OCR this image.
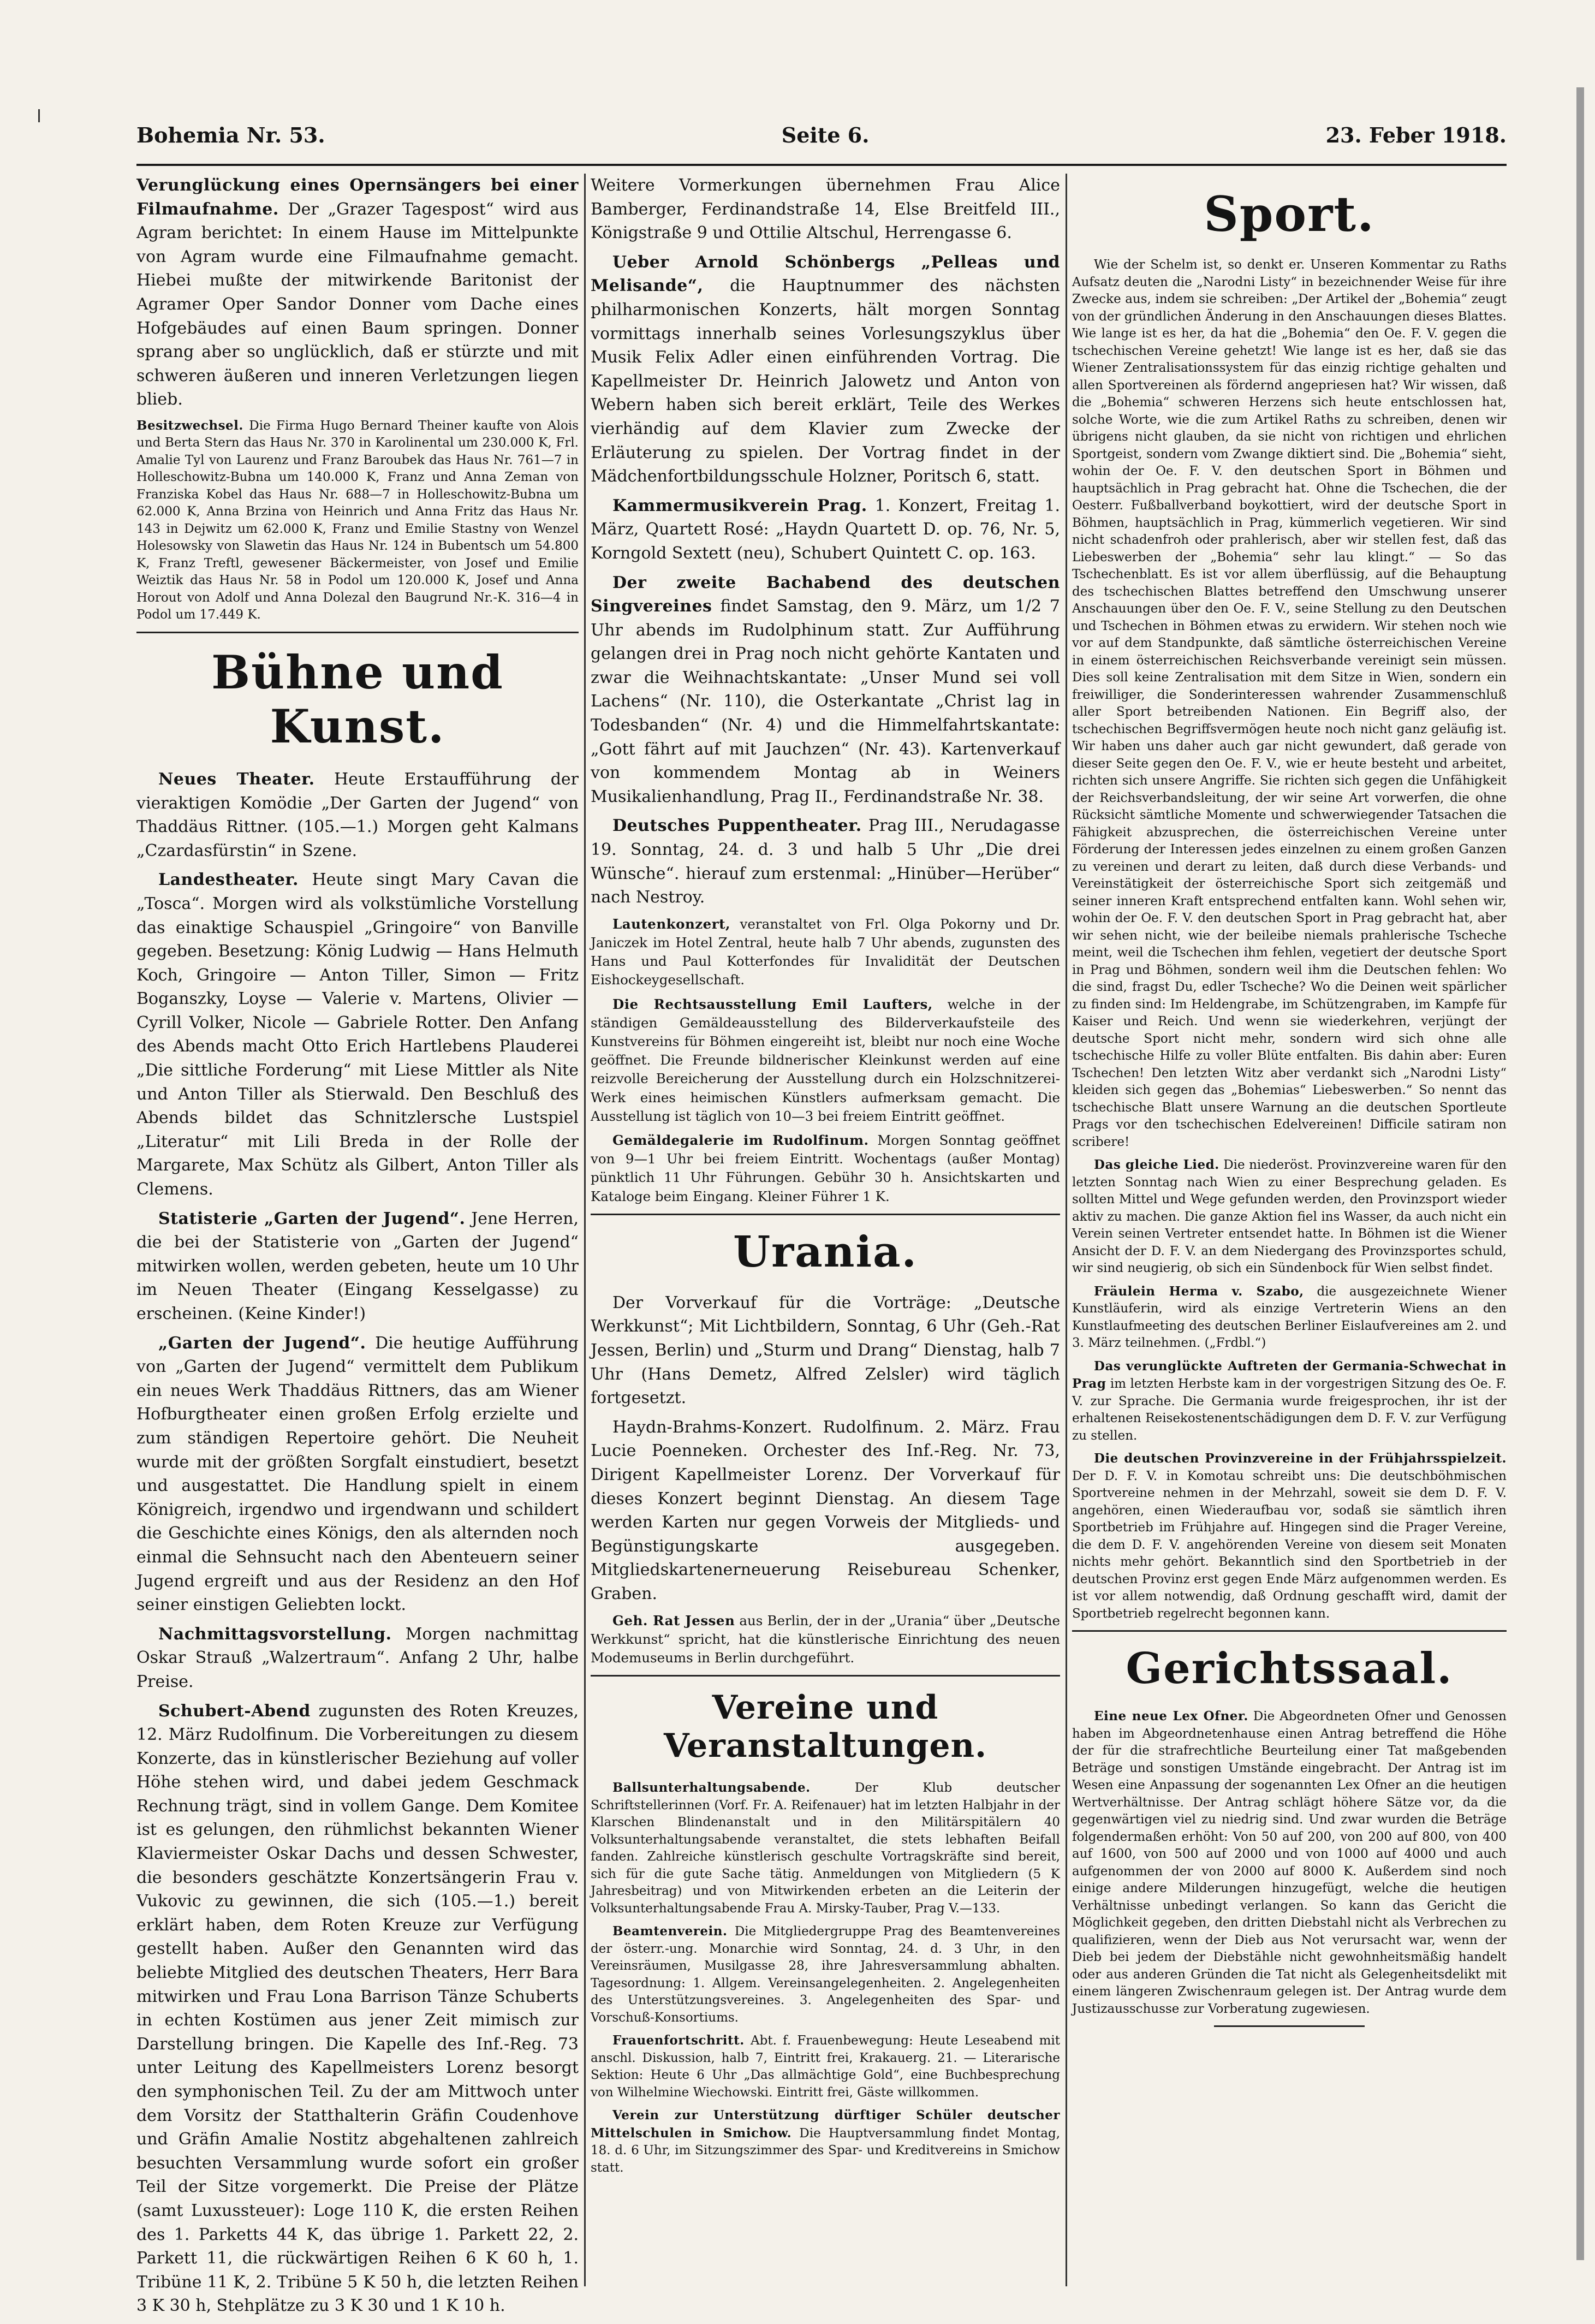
Bohemia Nr. 53.	Seite 6.	23. Feber 1918.

Verunglückung eines Opernsängers bei einer Filmaufnahme. Der „Grazer Tagespost“ wird aus Agram berichtet: In einem Hause im Mittelpunkte von Agram wurde eine Filmaufnahme gemacht. Hiebei mußte der mitwirkende Baritonist der Agramer Oper Sandor Donner vom Dache eines Hofgebäudes auf einen Baum springen. Donner sprang aber so unglücklich, daß er stürzte und mit schweren äußeren und inneren Verletzungen liegen blieb.

Besitzwechsel. Die Firma Hugo Bernard Theiner kaufte von Alois und Berta Stern das Haus Nr. 370 in Karolinental um 230.000 K, Frl. Amalie Tyl von Laurenz und Franz Baroubek das Haus Nr. 761—7 in Holleschowitz-Bubna um 140.000 K, Franz und Anna Zeman von Franziska Kobel das Haus Nr. 688—7 in Holleschowitz-Bubna um 62.000 K, Anna Brzina von Heinrich und Anna Fritz das Haus Nr. 143 in Dejwitz um 62.000 K, Franz und Emilie Stastny von Wenzel Holesowsky von Slawetin das Haus Nr. 124 in Bubentsch um 54.800 K, Franz Treftl, gewesener Bäckermeister, von Josef und Emilie Weiztik das Haus Nr. 58 in Podol um 120.000 K, Josef und Anna Horout von Adolf und Anna Dolezal den Baugrund Nr.-K. 316—4 in Podol um 17.449 K.

Bühne und Kunst.

Neues Theater. Heute Erstaufführung der vieraktigen Komödie „Der Garten der Jugend“ von Thaddäus Rittner. (105.—1.) Morgen geht Kalmans „Czardasfürstin“ in Szene.

Landestheater. Heute singt Mary Cavan die „Tosca“. Morgen wird als volkstümliche Vorstellung das einaktige Schauspiel „Gringoire“ von Banville gegeben. Besetzung: König Ludwig — Hans Helmuth Koch, Gringoire — Anton Tiller, Simon — Fritz Boganszky, Loyse — Valerie v. Martens, Olivier — Cyrill Volker, Nicole — Gabriele Rotter. Den Anfang des Abends macht Otto Erich Hartlebens Plauderei „Die sittliche Forderung“ mit Liese Mittler als Nite und Anton Tiller als Stierwald. Den Beschluß des Abends bildet das Schnitzlersche Lustspiel „Literatur“ mit Lili Breda in der Rolle der Margarete, Max Schütz als Gilbert, Anton Tiller als Clemens.

Statisterie „Garten der Jugend“. Jene Herren, die bei der Statisterie von „Garten der Jugend“ mitwirken wollen, werden gebeten, heute um 10 Uhr im Neuen Theater (Eingang Kesselgasse) zu erscheinen. (Keine Kinder!)

„Garten der Jugend“. Die heutige Aufführung von „Garten der Jugend“ vermittelt dem Publikum ein neues Werk Thaddäus Rittners, das am Wiener Hofburgtheater einen großen Erfolg erzielte und zum ständigen Repertoire gehört. Die Neuheit wurde mit der größten Sorgfalt einstudiert, besetzt und ausgestattet. Die Handlung spielt in einem Königreich, irgendwo und irgendwann und schildert die Geschichte eines Königs, den als alternden noch einmal die Sehnsucht nach den Abenteuern seiner Jugend ergreift und aus der Residenz an den Hof seiner einstigen Geliebten lockt.

Nachmittagsvorstellung. Morgen nachmittag Oskar Strauß „Walzertraum“. Anfang 2 Uhr, halbe Preise.

Schubert-Abend zugunsten des Roten Kreuzes, 12. März Rudolfinum. Die Vorbereitungen zu diesem Konzerte, das in künstlerischer Beziehung auf voller Höhe stehen wird, und dabei jedem Geschmack Rechnung trägt, sind in vollem Gange. Dem Komitee ist es gelungen, den rühmlichst bekannten Wiener Klaviermeister Oskar Dachs und dessen Schwester, die besonders geschätzte Konzertsängerin Frau v. Vukovic zu gewinnen, die sich (105.—1.) bereit erklärt haben, dem Roten Kreuze zur Verfügung gestellt haben. Außer den Genannten wird das beliebte Mitglied des deutschen Theaters, Herr Bara mitwirken und Frau Lona Barrison Tänze Schuberts in echten Kostümen aus jener Zeit mimisch zur Darstellung bringen. Die Kapelle des Inf.-Reg. 73 unter Leitung des Kapellmeisters Lorenz besorgt den symphonischen Teil. Zu der am Mittwoch unter dem Vorsitz der Statthalterin Gräfin Coudenhove und Gräfin Amalie Nostitz abgehaltenen zahlreich besuchten Versammlung wurde sofort ein großer Teil der Sitze vorgemerkt. Die Preise der Plätze (samt Luxussteuer): Loge 110 K, die ersten Reihen des 1. Parketts 44 K, das übrige 1. Parkett 22, 2. Parkett 11, die rückwärtigen Reihen 6 K 60 h, 1. Tribüne 11 K, 2. Tribüne 5 K 50 h, die letzten Reihen 3 K 30 h, Stehplätze zu 3 K 30 und 1 K 10 h.

Weitere Vormerkungen übernehmen Frau Alice Bamberger, Ferdinandstraße 14, Else Breitfeld III., Königstraße 9 und Ottilie Altschul, Herrengasse 6.

Ueber Arnold Schönbergs „Pelleas und Melisande“, die Hauptnummer des nächsten philharmonischen Konzerts, hält morgen Sonntag vormittags innerhalb seines Vorlesungszyklus über Musik Felix Adler einen einführenden Vortrag. Die Kapellmeister Dr. Heinrich Jalowetz und Anton von Webern haben sich bereit erklärt, Teile des Werkes vierhändig auf dem Klavier zum Zwecke der Erläuterung zu spielen. Der Vortrag findet in der Mädchenfortbildungsschule Holzner, Poritsch 6, statt.

Kammermusikverein Prag. 1. Konzert, Freitag 1. März, Quartett Rosé: „Haydn Quartett D. op. 76, Nr. 5, Korngold Sextett (neu), Schubert Quintett C. op. 163.

Der zweite Bachabend des deutschen Singvereines findet Samstag, den 9. März, um 1/2 7 Uhr abends im Rudolphinum statt. Zur Aufführung gelangen drei in Prag noch nicht gehörte Kantaten und zwar die Weihnachtskantate: „Unser Mund sei voll Lachens“ (Nr. 110), die Osterkantate „Christ lag in Todesbanden“ (Nr. 4) und die Himmelfahrtskantate: „Gott fährt auf mit Jauchzen“ (Nr. 43). Kartenverkauf von kommendem Montag ab in Weiners Musikalienhandlung, Prag II., Ferdinandstraße Nr. 38.

Deutsches Puppentheater. Prag III., Nerudagasse 19. Sonntag, 24. d. 3 und halb 5 Uhr „Die drei Wünsche“. hierauf zum erstenmal: „Hinüber—Herüber“ nach Nestroy.

Lautenkonzert, veranstaltet von Frl. Olga Pokorny und Dr. Janiczek im Hotel Zentral, heute halb 7 Uhr abends, zugunsten des Hans und Paul Kotterfondes für Invalidität der Deutschen Eishockeygesellschaft.

Die Rechtsausstellung Emil Laufters, welche in der ständigen Gemäldeausstellung des Bilderverkaufsteile des Kunstvereins für Böhmen eingereiht ist, bleibt nur noch eine Woche geöffnet. Die Freunde bildnerischer Kleinkunst werden auf eine reizvolle Bereicherung der Ausstellung durch ein Holzschnitzerei-Werk eines heimischen Künstlers aufmerksam gemacht. Die Ausstellung ist täglich von 10—3 bei freiem Eintritt geöffnet.

Gemäldegalerie im Rudolfinum. Morgen Sonntag geöffnet von 9—1 Uhr bei freiem Eintritt. Wochentags (außer Montag) pünktlich 11 Uhr Führungen. Gebühr 30 h. Ansichtskarten und Kataloge beim Eingang. Kleiner Führer 1 K.

Urania.

Der Vorverkauf für die Vorträge: „Deutsche Werkkunst“; Mit Lichtbildern, Sonntag, 6 Uhr (Geh.-Rat Jessen, Berlin) und „Sturm und Drang“ Dienstag, halb 7 Uhr (Hans Demetz, Alfred Zelsler) wird täglich fortgesetzt.

Haydn-Brahms-Konzert. Rudolfinum. 2. März. Frau Lucie Poenneken. Orchester des Inf.-Reg. Nr. 73, Dirigent Kapellmeister Lorenz. Der Vorverkauf für dieses Konzert beginnt Dienstag. An diesem Tage werden Karten nur gegen Vorweis der Mitglieds- und Begünstigungskarte ausgegeben. Mitgliedskartenerneuerung Reisebureau Schenker, Graben.

Geh. Rat Jessen aus Berlin, der in der „Urania“ über „Deutsche Werkkunst“ spricht, hat die künstlerische Einrichtung des neuen Modemuseums in Berlin durchgeführt.

Vereine und Veranstaltungen.

Ballsunterhaltungsabende.	Der Klub deutscher Schriftstellerinnen (Vorf. Fr. A. Reifenauer) hat im letzten Halbjahr in der Klarschen Blindenanstalt und in den Militärspitälern 40 Volksunterhaltungsabende veranstaltet, die stets lebhaften Beifall fanden. Zahlreiche künstlerisch geschulte Vortragskräfte sind bereit, sich für die gute Sache tätig. Anmeldungen von Mitgliedern (5 K Jahresbeitrag) und von Mitwirkenden erbeten an die Leiterin der Volksunterhaltungsabende Frau A. Mirsky-Tauber, Prag V.—133.

Beamtenverein. Die Mitgliedergruppe Prag des Beamtenvereines der österr.-ung. Monarchie wird Sonntag, 24. d. 3 Uhr, in den Vereinsräumen, Musilgasse 28, ihre Jahresversammlung abhalten. Tagesordnung: 1. Allgem. Vereinsangelegenheiten. 2. Angelegenheiten des Unterstützungsvereines. 3. Angelegenheiten des Spar- und Vorschuß-Konsortiums.

Frauenfortschritt. Abt. f. Frauenbewegung: Heute Leseabend mit anschl. Diskussion, halb 7, Eintritt frei, Krakauerg. 21. — Literarische Sektion: Heute 6 Uhr „Das allmächtige Gold“, eine Buchbesprechung von Wilhelmine Wiechowski. Eintritt frei, Gäste willkommen.

Verein zur Unterstützung dürftiger Schüler deutscher Mittelschulen in Smichow. Die Hauptversammlung findet Montag, 18. d. 6 Uhr, im Sitzungszimmer des Spar- und Kreditvereins in Smichow statt.

Sport.

Wie der Schelm ist, so denkt er. Unseren Kommentar zu Raths Aufsatz deuten die „Narodni Listy“ in bezeichnender Weise für ihre Zwecke aus, indem sie schreiben: „Der Artikel der „Bohemia“ zeugt von der gründlichen Änderung in den Anschauungen dieses Blattes. Wie lange ist es her, da hat die „Bohemia“ den Oe. F. V. gegen die tschechischen Vereine gehetzt! Wie lange ist es her, daß sie das Wiener Zentralisationssystem für das einzig richtige gehalten und allen Sportvereinen als fördernd angepriesen hat? Wir wissen, daß die „Bohemia“ schweren Herzens sich heute entschlossen hat, solche Worte, wie die zum Artikel Raths zu schreiben, denen wir übrigens nicht glauben, da sie nicht von richtigen und ehrlichen Sportgeist, sondern vom Zwange diktiert sind. Die „Bohemia“ sieht, wohin der Oe. F. V. den deutschen Sport in Böhmen und hauptsächlich in Prag gebracht hat. Ohne die Tschechen, die der Oesterr. Fußballverband boykottiert, wird der deutsche Sport in Böhmen, hauptsächlich in Prag, kümmerlich vegetieren. Wir sind nicht schadenfroh oder prahlerisch, aber wir stellen fest, daß das Liebeswerben der „Bohemia“ sehr lau klingt.“ — So das Tschechenblatt. Es ist vor allem überflüssig, auf die Behauptung des tschechischen Blattes betreffend den Umschwung unserer Anschauungen über den Oe. F. V., seine Stellung zu den Deutschen und Tschechen in Böhmen etwas zu erwidern. Wir stehen noch wie vor auf dem Standpunkte, daß sämtliche österreichischen Vereine in einem österreichischen Reichsverbande vereinigt sein müssen. Dies soll keine Zentralisation mit dem Sitze in Wien, sondern ein freiwilliger, die Sonderinteressen wahrender Zusammenschluß aller Sport betreibenden Nationen. Ein Begriff also, der tschechischen Begriffsvermögen heute noch nicht ganz geläufig ist. Wir haben uns daher auch gar nicht gewundert, daß gerade von dieser Seite gegen den Oe. F. V., wie er heute besteht und arbeitet, richten sich unsere Angriffe. Sie richten sich gegen die Unfähigkeit der Reichsverbandsleitung, der wir seine Art vorwerfen, die ohne Rücksicht sämtliche Momente und schwerwiegender Tatsachen die Fähigkeit abzusprechen, die österreichischen Vereine unter Förderung der Interessen jedes einzelnen zu einem großen Ganzen zu vereinen und derart zu leiten, daß durch diese Verbands- und Vereinstätigkeit der österreichische Sport sich zeitgemäß und seiner inneren Kraft entsprechend entfalten kann. Wohl sehen wir, wohin der Oe. F. V. den deutschen Sport in Prag gebracht hat, aber wir sehen nicht, wie der beileibe niemals prahlerische Tscheche meint, weil die Tschechen ihm fehlen, vegetiert der deutsche Sport in Prag und Böhmen, sondern weil ihm die Deutschen fehlen: Wo die sind, fragst Du, edler Tscheche? Wo die Deinen weit spärlicher zu finden sind: Im Heldengrabe, im Schützengraben, im Kampfe für Kaiser und Reich. Und wenn sie wiederkehren, verjüngt der deutsche Sport nicht mehr, sondern wird sich ohne alle tschechische Hilfe zu voller Blüte entfalten. Bis dahin aber: Euren Tschechen! Den letzten Witz aber verdankt sich „Narodni Listy“ kleiden sich gegen das „Bohemias“ Liebeswerben.“ So nennt das tschechische Blatt unsere Warnung an die deutschen Sportleute Prags vor den tschechischen Edelvereinen! Difficile satiram non scribere!

Das gleiche Lied. Die niederöst. Provinzvereine waren für den letzten Sonntag nach Wien zu einer Besprechung geladen. Es sollten Mittel und Wege gefunden werden, den Provinzsport wieder aktiv zu machen. Die ganze Aktion fiel ins Wasser, da auch nicht ein Verein seinen Vertreter entsendet hatte. In Böhmen ist die Wiener Ansicht der D. F. V. an dem Niedergang des Provinzsportes schuld, wir sind neugierig, ob sich ein Sündenbock für Wien selbst findet.

Fräulein Herma v. Szabo, die ausgezeichnete Wiener Kunstläuferin, wird als einzige Vertreterin Wiens an den Kunstlaufmeeting des deutschen Berliner Eislaufvereines am 2. und 3. März teilnehmen. („Frdbl.“)

Das verunglückte Auftreten der Germania-Schwechat in Prag im letzten Herbste kam in der vorgestrigen Sitzung des Oe. F. V. zur Sprache. Die Germania wurde freigesprochen, ihr ist der erhaltenen Reisekostenentschädigungen dem D. F. V. zur Verfügung zu stellen.

Die deutschen Provinzvereine in der Frühjahrsspielzeit. Der D. F. V. in Komotau schreibt uns: Die deutschböhmischen Sportvereine nehmen in der Mehrzahl, soweit sie dem D. F. V. angehören, einen Wiederaufbau vor, sodaß sie sämtlich ihren Sportbetrieb im Frühjahre auf. Hingegen sind die Prager Vereine, die dem D. F. V. angehörenden Vereine von diesem seit Monaten nichts mehr gehört. Bekanntlich sind den Sportbetrieb in der deutschen Provinz erst gegen Ende März aufgenommen werden. Es ist vor allem notwendig, daß Ordnung geschafft wird, damit der Sportbetrieb regelrecht begonnen kann.

Gerichtssaal.

Eine neue Lex Ofner. Die Abgeordneten Ofner und Genossen haben im Abgeordnetenhause einen Antrag betreffend die Höhe der für die strafrechtliche Beurteilung einer Tat maßgebenden Beträge und sonstigen Umstände eingebracht. Der Antrag ist im Wesen eine Anpassung der sogenannten Lex Ofner an die heutigen Wertverhältnisse. Der Antrag schlägt höhere Sätze vor, da die gegenwärtigen viel zu niedrig sind. Und zwar wurden die Beträge folgendermaßen erhöht: Von 50 auf 200, von 200 auf 800, von 400 auf 1600, von 500 auf 2000 und von 1000 auf 4000 und auch aufgenommen der von 2000 auf 8000 K. Außerdem sind noch einige andere Milderungen hinzugefügt, welche die heutigen Verhältnisse unbedingt verlangen. So kann das Gericht die Möglichkeit gegeben, den dritten Diebstahl nicht als Verbrechen zu qualifizieren, wenn der Dieb aus Not verursacht war, wenn der Dieb bei jedem der Diebstähle nicht gewohnheitsmäßig handelt oder aus anderen Gründen die Tat nicht als Gelegenheitsdelikt mit einem längeren Zwischenraum gelegen ist. Der Antrag wurde dem Justizausschusse zur Vorberatung zugewiesen.
